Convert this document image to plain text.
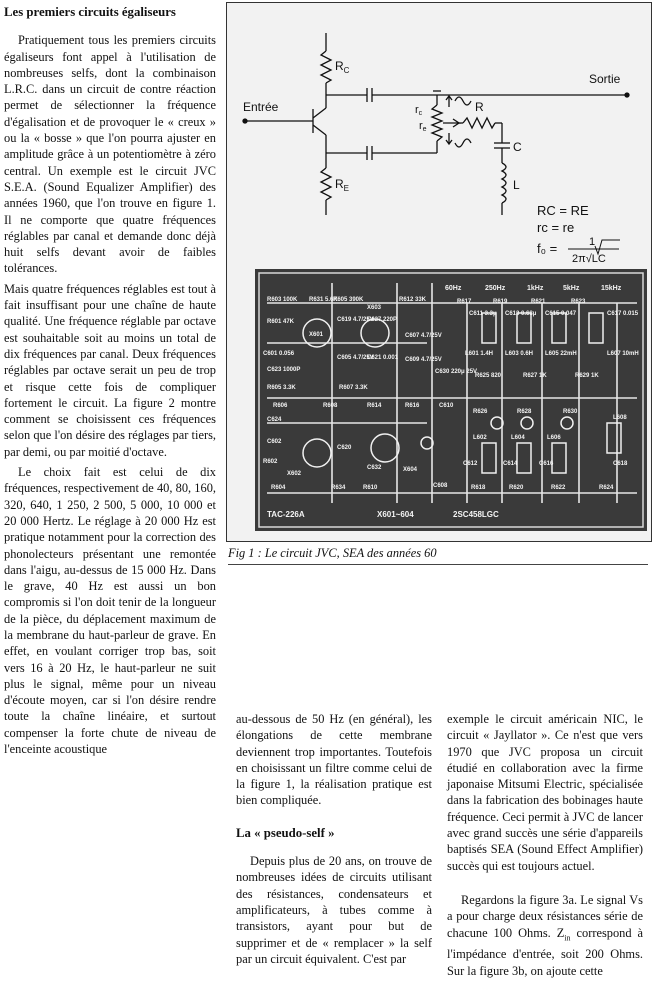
Les premiers circuits égaliseurs

Pratiquement tous les premiers circuits égaliseurs font appel à l'utilisation de nombreuses selfs, dont la combinaison L.R.C. dans un circuit de contre réaction permet de sélectionner la fréquence d'égalisation et de provoquer le « creux » ou la « bosse » que l'on pourra ajuster en amplitude grâce à un potentiomètre à zéro central. Un exemple est le circuit JVC S.E.A. (Sound Equalizer Amplifier) des années 1960, que l'on trouve en figure 1. Il ne comporte que quatre fréquences réglables par canal et demande donc déjà huit selfs devant avoir de faibles tolérances.

Mais quatre fréquences réglables est tout à fait insuffisant pour une chaîne de haute qualité. Une fréquence réglable par octave est souhaitable soit au moins un total de dix fréquences par canal. Deux fréquences réglables par octave serait un peu de trop et risque cette fois de compliquer fortement le circuit. La figure 2 montre comment se choisissent ces fréquences selon que l'on désire des réglages par tiers, par demi, ou par moitié d'octave.

Le choix fait est celui de dix fréquences, respectivement de 40, 80, 160, 320, 640, 1 250, 2 500, 5 000, 10 000 et 20 000 Hertz. Le réglage à 20 000 Hz est pratique notamment pour la correction des phonolecteurs présentant une remontée dans l'aigu, au-dessus de 15 000 Hz. Dans le grave, 40 Hz est aussi un bon compromis si l'on doit tenir de la longueur de la pièce, du déplacement maximum de la membrane du haut-parleur de grave. En effet, en voulant corriger trop bas, soit vers 16 à 20 Hz, le haut-parleur ne suit plus le signal, même pour un niveau d'écoute moyen, car si l'on désire rendre toute la chaîne linéaire, et surtout compenser la forte chute de niveau de l'enceinte acoustique

$R_C$
$R_E$
Entrée
Sortie
rc
re
R
C
L
RC = RE
rc = re
f₀ =	1
2π√LC
60Hz	250Hz	1kHz	5kHz	15kHz
R603 100K
R601 47K
R631 5.6K
R605 390K
X601
X603
R612 33K
C619 4.7/25V
C627 220P
C601 0.056
C623 1000P
R605 3.3K	R607 3.3K
C605 4.7/25V
C621 0.001
C607 4.7/25V
C609 4.7/25V
R617	R619	R621	R623
C611 3.3μ C613 0.68μ C615 0.047	C617 0.015
L601 1.4H L603 0.6H L605 22mH	L607 10mH
C630 220μ 25V
R625 820	R627 1K	R629 1K
R606	R608	R614	R616	C610
C624
C602
X602
X604
R602
R604	R634	R610
R626	R628	R630
C620
C632
L602	L604	L606
L608
C612	C614	C616	C618
R618	R620	R622	R624
C608
TAC-226A	X601~604	2SC458LGC
Fig 1 : Le circuit JVC, SEA des années 60

au-dessous de 50 Hz (en général), les élongations de cette membrane deviennent trop importantes. Toutefois en choisissant un filtre comme celui de la figure 1, la réalisation pratique est bien compliquée.

La « pseudo-self »

Depuis plus de 20 ans, on trouve de nombreuses idées de circuits utilisant des résistances, condensateurs et amplificateurs, à tubes comme à transistors, ayant pour but de supprimer et de « remplacer » la self par un circuit équivalent. C'est par

exemple le circuit américain NIC, le circuit « Jayllator ». Ce n'est que vers 1970 que JVC proposa un circuit étudié en collaboration avec la firme japonaise Mitsumi Electric, spécialisée dans la fabrication des bobinages haute fréquence. Ceci permit à JVC de lancer avec grand succès une série d'appareils baptisés SEA (Sound Effect Amplifier) succès qui est toujours actuel.

Regardons la figure 3a. Le signal Vs a pour charge deux résistances série de chacune 100 Ohms. $Z_{in}$ correspond à l'impédance d'entrée, soit 200 Ohms. Sur la figure 3b, on ajoute cette
